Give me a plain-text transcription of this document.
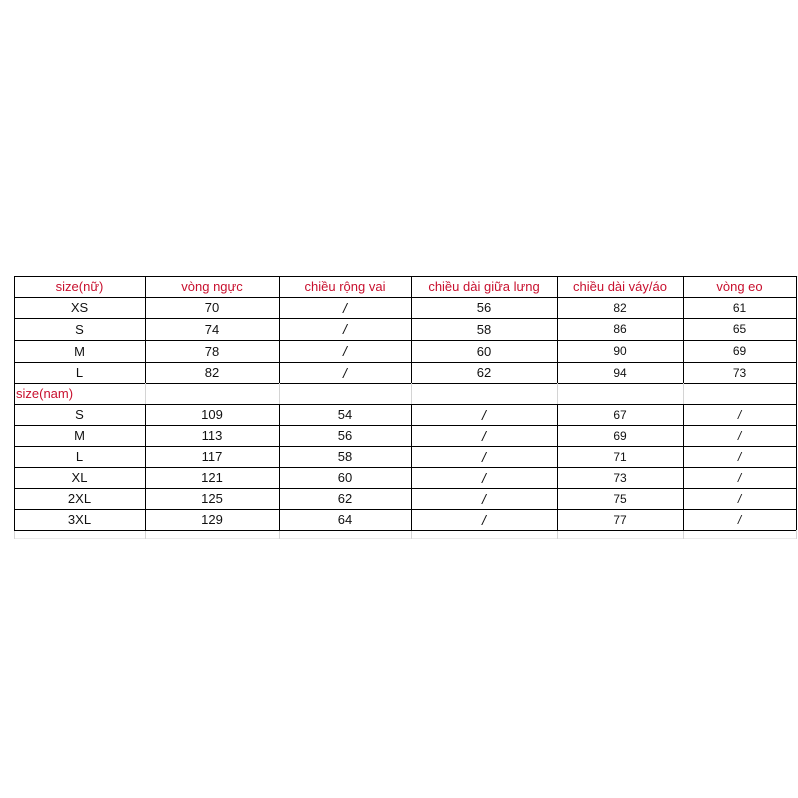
size(nữ)	vòng ngực	chiều rộng vai	chiều dài giữa lưng	chiều dài váy/áo	vòng eo
XS	70	/	56	82	61
S	74	/	58	86	65
M	78	/	60	90	69
L	82	/	62	94	73
size(nam)
S	109	54	/	67	/
M	113	56	/	69	/
L	117	58	/	71	/
XL	121	60	/	73	/
2XL	125	62	/	75	/
3XL	129	64	/	77	/
